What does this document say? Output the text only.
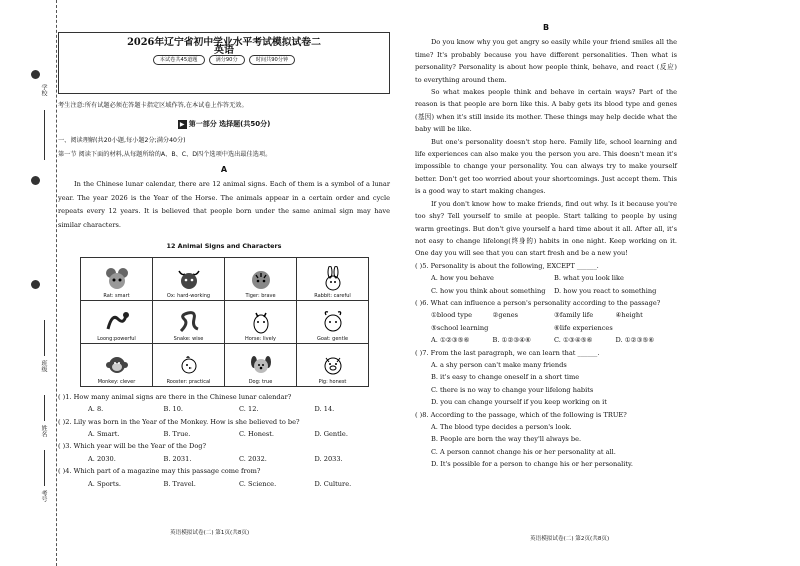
学校
班级
姓名
考号
2026年辽宁省初中学业水平考试模拟试卷二
本试卷共45道题	满分90分	时间共90分钟
英语
考生注意:所有试题必须在答题卡指定区域作答,在本试卷上作答无效。
▶ 第一部分 选择题(共50分)
一、阅读理解(共20小题,每小题2分;满分40分)
第一节 阅读下面的材料,从每题所给的A、B、C、D四个选项中选出最佳选项。
A
In the Chinese lunar calendar, there are 12 animal signs. Each of them is a symbol of a lunar year. The year 2026 is the Year of the Horse. The animals appear in a certain order and cycle repeats every 12 years. It is believed that people born under the same animal sign may have similar characters.
12 Animal Signs and Characters
Rat: smart	Ox: hard-working	Tiger: brave	Rabbit: careful

Loong:powerful	Snake: wise	Horse: lively	Goat: gentle

Monkey: clever	Rooster: practical	Dog: true	Pig: honest
( )1. How many animal signs are there in the Chinese lunar calendar?
A. 8.	B. 10.	C. 12.	D. 14.
( )2. Lily was born in the Year of the Monkey. How is she believed to be?
A. Smart.	B. True.	C. Honest.	D. Gentle.
( )3. Which year will be the Year of the Dog?
A. 2030.	B. 2031.	C. 2032.	D. 2033.
( )4. Which part of a magazine may this passage come from?
A. Sports.	B. Travel.	C. Science.	D. Culture.
英语模拟试卷(二) 第1页(共8页)
B
Do you know why you get angry so easily while your friend smiles all the time? It's probably because you have different personalities. Then what is personality? Personality is about how people think, behave, and react (反应) to everything around them.
So what makes people think and behave in certain ways? Part of the reason is that people are born like this. A baby gets its blood type and genes (基因) when it's still inside its mother. These things may help decide what the baby will be like.
But one's personality doesn't stop here. Family life, school learning and life experiences can also make you the person you are. This doesn't mean it's impossible to change your personality. You can always try to make yourself better. Don't get too worried about your shortcomings. Just accept them. This is a good way to start making changes.
If you don't know how to make friends, find out why. Is it because you're too shy? Tell yourself to smile at people. Start talking to people by using warm greetings. But don't give yourself a hard time about it all. After all, it's not easy to change lifelong(终身的) habits in one night. Keep working on it. One day you will see that you can start fresh and be a new you!
( )5. Personality is about the following, EXCEPT ______.
A. how you behave	B. what you look like
C. how you think about something	D. how you react to something
( )6. What can influence a person's personality according to the passage?
①blood type	②genes	③family life	④height
⑤school learning	⑥life experiences
A. ①②③⑤⑥	B. ①②③④⑥	C. ①③④⑤⑥	D. ①②③⑤⑥
( )7. From the last paragraph, we can learn that ______.
A. a shy person can't make many friends
B. it's easy to change oneself in a short time
C. there is no way to change your lifelong habits
D. you can change yourself if you keep working on it
( )8. According to the passage, which of the following is TRUE?
A. The blood type decides a person's look.
B. People are born the way they'll always be.
C. A person cannot change his or her personality at all.
D. It's possible for a person to change his or her personality.
英语模拟试卷(二) 第2页(共8页)
